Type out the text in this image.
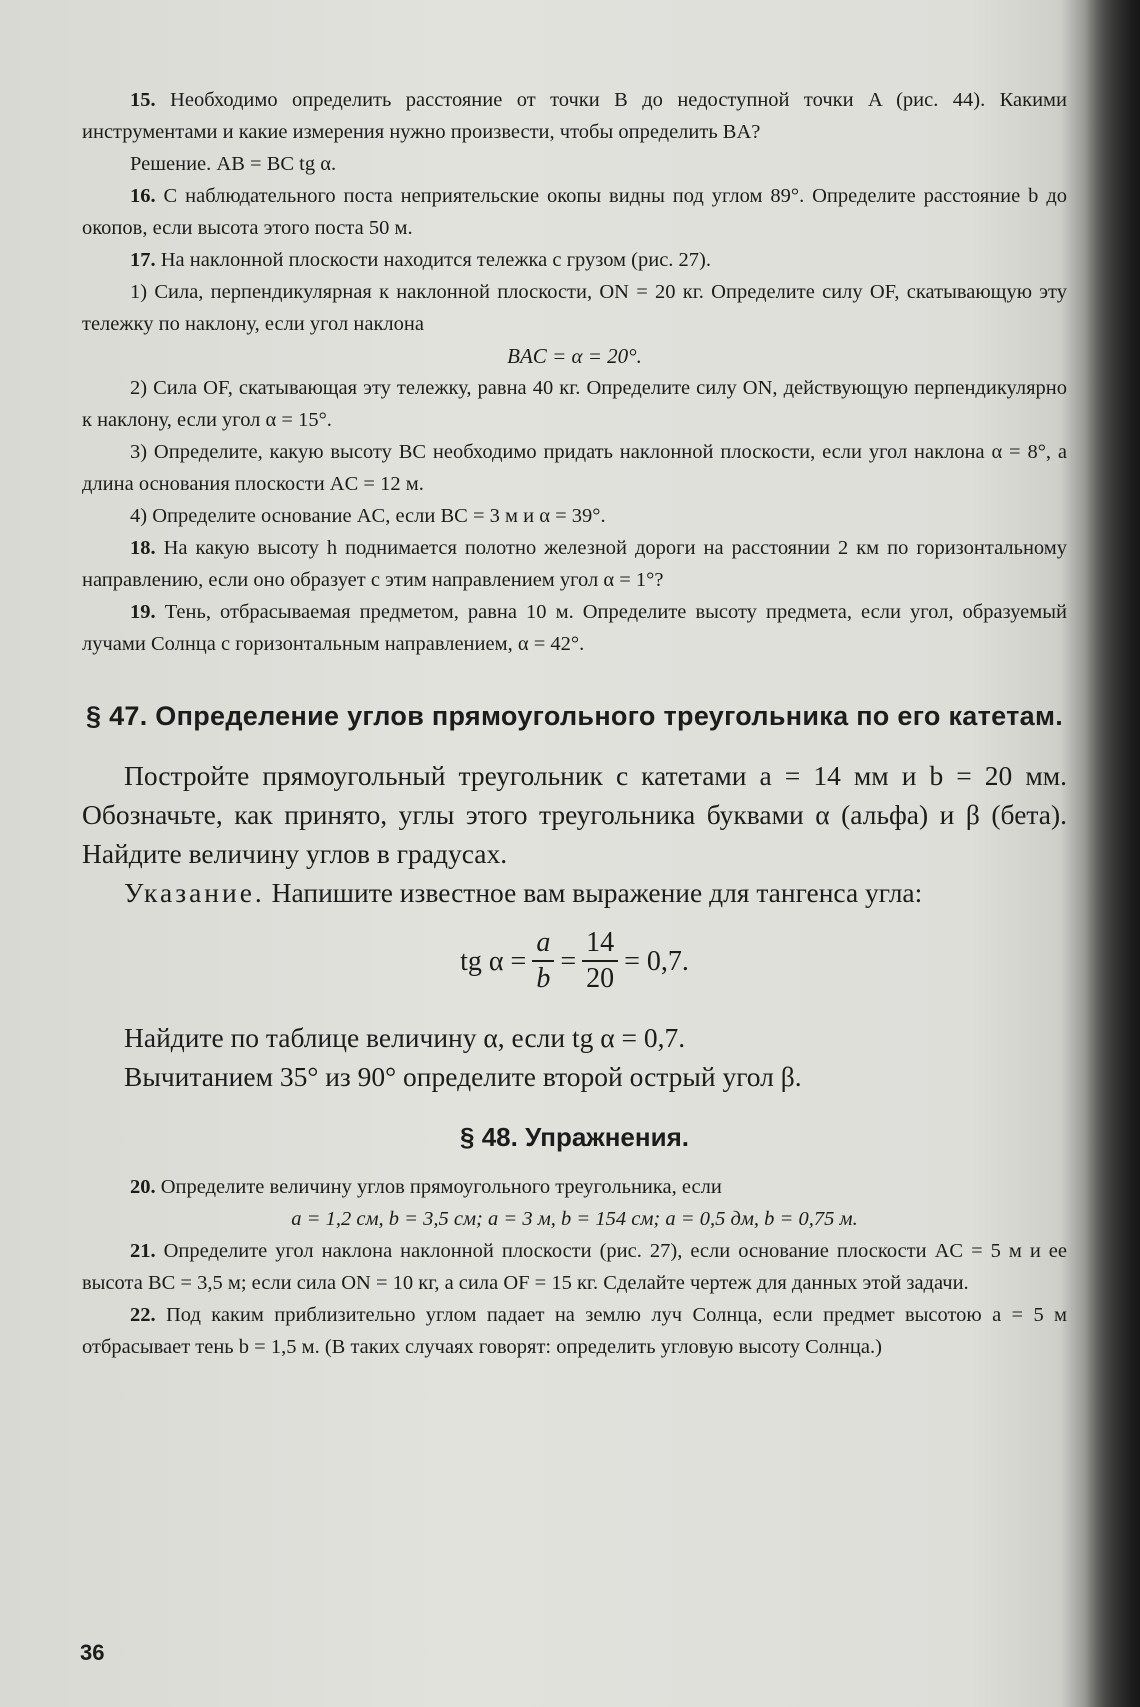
15. Необходимо определить расстояние от точки B до недоступной точки A (рис. 44). Какими инструментами и какие измерения нужно произвести, чтобы определить BA?

Решение. AB = BC tg α.

16. С наблюдательного поста неприятельские окопы видны под углом 89°. Определите расстояние b до окопов, если высота этого поста 50 м.

17. На наклонной плоскости находится тележка с грузом (рис. 27).

1) Сила, перпендикулярная к наклонной плоскости, ON = 20 кг. Определите силу OF, скатывающую эту тележку по наклону, если угол наклона

BAC = α = 20°.

2) Сила OF, скатывающая эту тележку, равна 40 кг. Определите силу ON, действующую перпендикулярно к наклону, если угол α = 15°.

3) Определите, какую высоту BC необходимо придать наклонной плоскости, если угол наклона α = 8°, а длина основания плоскости AC = 12 м.

4) Определите основание AC, если BC = 3 м и α = 39°.

18. На какую высоту h поднимается полотно железной дороги на расстоянии 2 км по горизонтальному направлению, если оно образует с этим направлением угол α = 1°?

19. Тень, отбрасываемая предметом, равна 10 м. Определите высоту предмета, если угол, образуемый лучами Солнца с горизонтальным направлением, α = 42°.

§ 47. Определение углов прямоугольного треугольника по его катетам.

Постройте прямоугольный треугольник с катетами a = 14 мм и b = 20 мм. Обозначьте, как принято, углы этого треугольника буквами α (альфа) и β (бета). Найдите величину углов в градусах.

Указание. Напишите известное вам выражение для тангенса угла:

tg $\alpha = \frac{a}{b} = \frac{14}{20} = 0,7$.

Найдите по таблице величину α, если tg α = 0,7.

Вычитанием 35° из 90° определите второй острый угол β.

§ 48. Упражнения.

20. Определите величину углов прямоугольного треугольника, если

a = 1,2 см, b = 3,5 см; a = 3 м, b = 154 см; a = 0,5 дм, b = 0,75 м.

21. Определите угол наклона наклонной плоскости (рис. 27), если основание плоскости AC = 5 м и ее высота BC = 3,5 м; если сила ON = 10 кг, а сила OF = 15 кг. Сделайте чертеж для данных этой задачи.

22. Под каким приблизительно углом падает на землю луч Солнца, если предмет высотою a = 5 м отбрасывает тень b = 1,5 м. (В таких случаях говорят: определить угловую высоту Солнца.)

36
